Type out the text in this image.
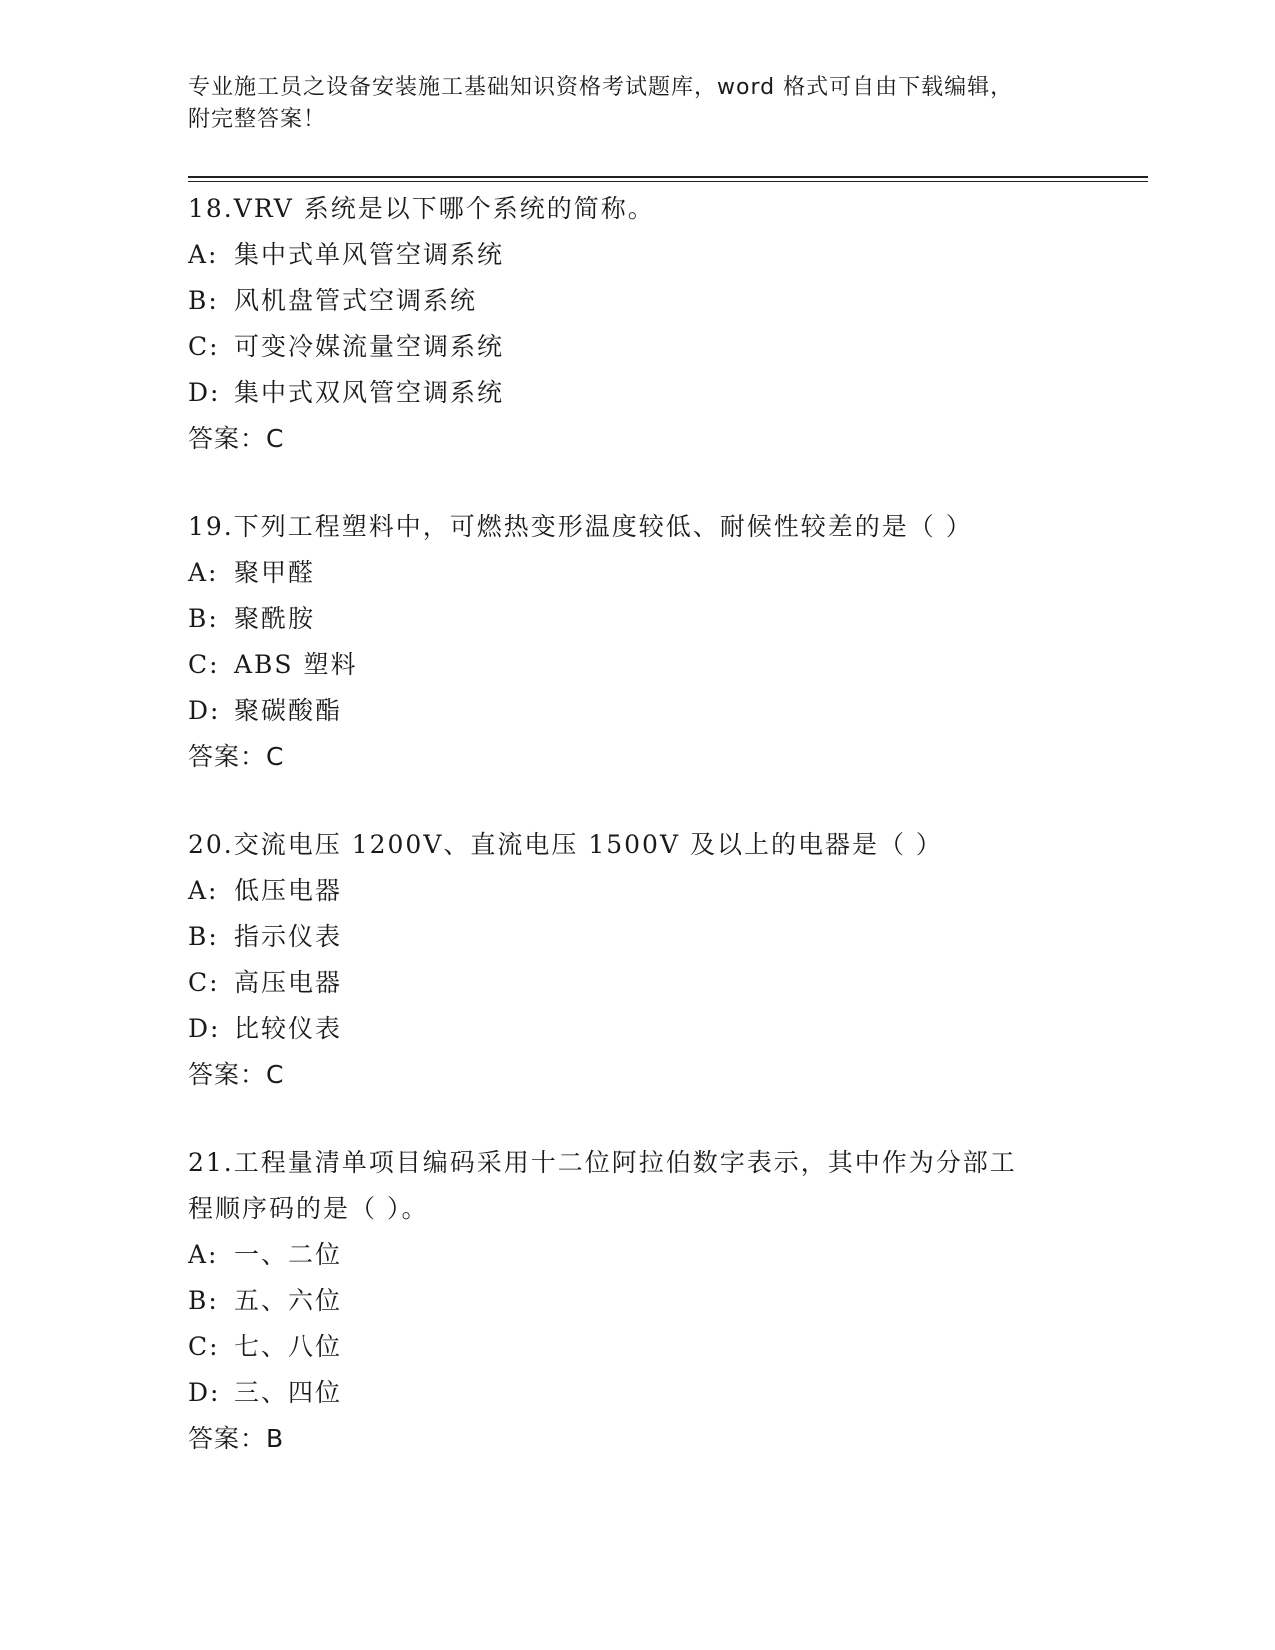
专业施工员之设备安装施工基础知识资格考试题库，word 格式可自由下载编辑，
附完整答案！
18.VRV 系统是以下哪个系统的简称。
A: 集中式单风管空调系统
B: 风机盘管式空调系统
C: 可变冷媒流量空调系统
D: 集中式双风管空调系统
答案：C
19.下列工程塑料中，可燃热变形温度较低、耐候性较差的是（ ）
A: 聚甲醛
B: 聚酰胺
C: ABS 塑料
D: 聚碳酸酯
答案：C
20.交流电压 1200V、直流电压 1500V 及以上的电器是（ ）
A: 低压电器
B: 指示仪表
C: 高压电器
D: 比较仪表
答案：C
21.工程量清单项目编码采用十二位阿拉伯数字表示，其中作为分部工
程顺序码的是（ ）。
A: 一、二位
B: 五、六位
C: 七、八位
D: 三、四位
答案：B
